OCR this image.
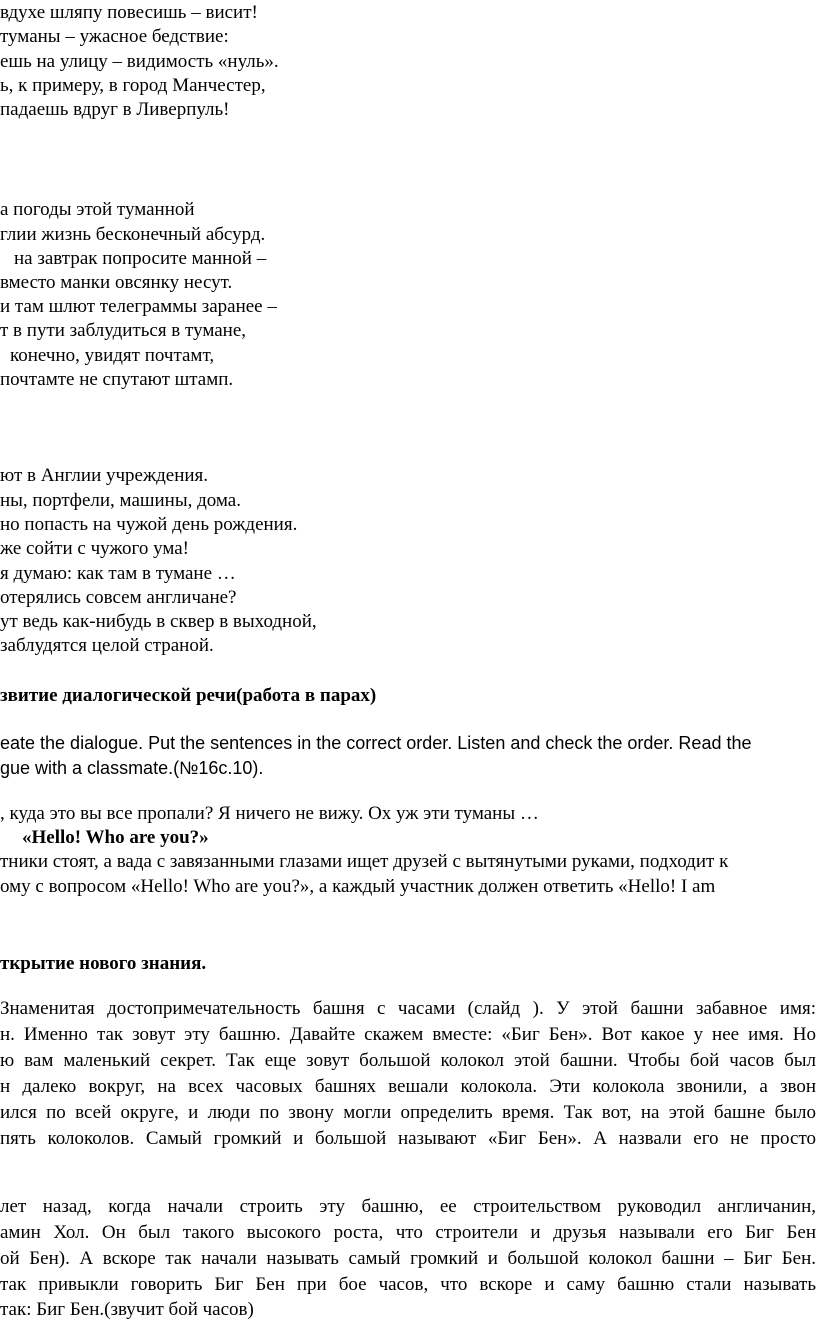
вдухе шляпу повесишь – висит!
туманы – ужасное бедствие:
ешь на улицу – видимость «нуль».
ь, к примеру, в город Манчестер,
падаешь вдруг в Ливерпуль!
а погоды этой туманной
глии жизнь бесконечный абсурд.
на завтрак попросите манной –
вместо манки овсянку несут.
и там шлют телеграммы заранее –
т в пути заблудиться в тумане,
конечно, увидят почтамт,
почтамте не спутают штамп.
ют в Англии учреждения.
ны, портфели, машины, дома.
но попасть на чужой день рождения.
же сойти с чужого ума!
я думаю: как там в тумане …
отерялись совсем англичане?
ут ведь как-нибудь в сквер в выходной,
заблудятся целой страной.
звитие диалогической речи(работа в парах)
eate the dialogue. Put the sentences in the correct order. Listen and check the order. Read the
gue with a classmate.(№16с.10).
, куда это вы все пропали? Я ничего не вижу. Ох уж эти туманы …
«Hello! Who are you?»
тники стоят, а вада с завязанными глазами ищет друзей с вытянутыми руками, подходит к
ому с вопросом «Hello! Who are you?», а каждый участник должен ответить «Hello! I am
ткрытие нового знания.
Знаменитая достопримечательность башня с часами (слайд ). У этой башни забавное имя:
н. Именно так зовут эту башню. Давайте скажем вместе: «Биг Бен». Вот какое у нее имя. Но
ю вам маленький секрет. Так еще зовут большой колокол этой башни. Чтобы бой часов был
н далеко вокруг, на всех часовых башнях вешали колокола. Эти колокола звонили, а звон
ился по всей округе, и люди по звону могли определить время. Так вот, на этой башне было
пять колоколов. Самый громкий и большой называют «Биг Бен». А назвали его не просто
лет назад, когда начали строить эту башню, ее строительством руководил англичанин,
амин Хол. Он был такого высокого роста, что строители и друзья называли его Биг Бен
ой Бен). А вскоре так начали называть самый громкий и большой колокол башни – Биг Бен.
так привыкли говорить Биг Бен при бое часов, что вскоре и саму башню стали называть
так: Биг Бен.(звучит бой часов)
